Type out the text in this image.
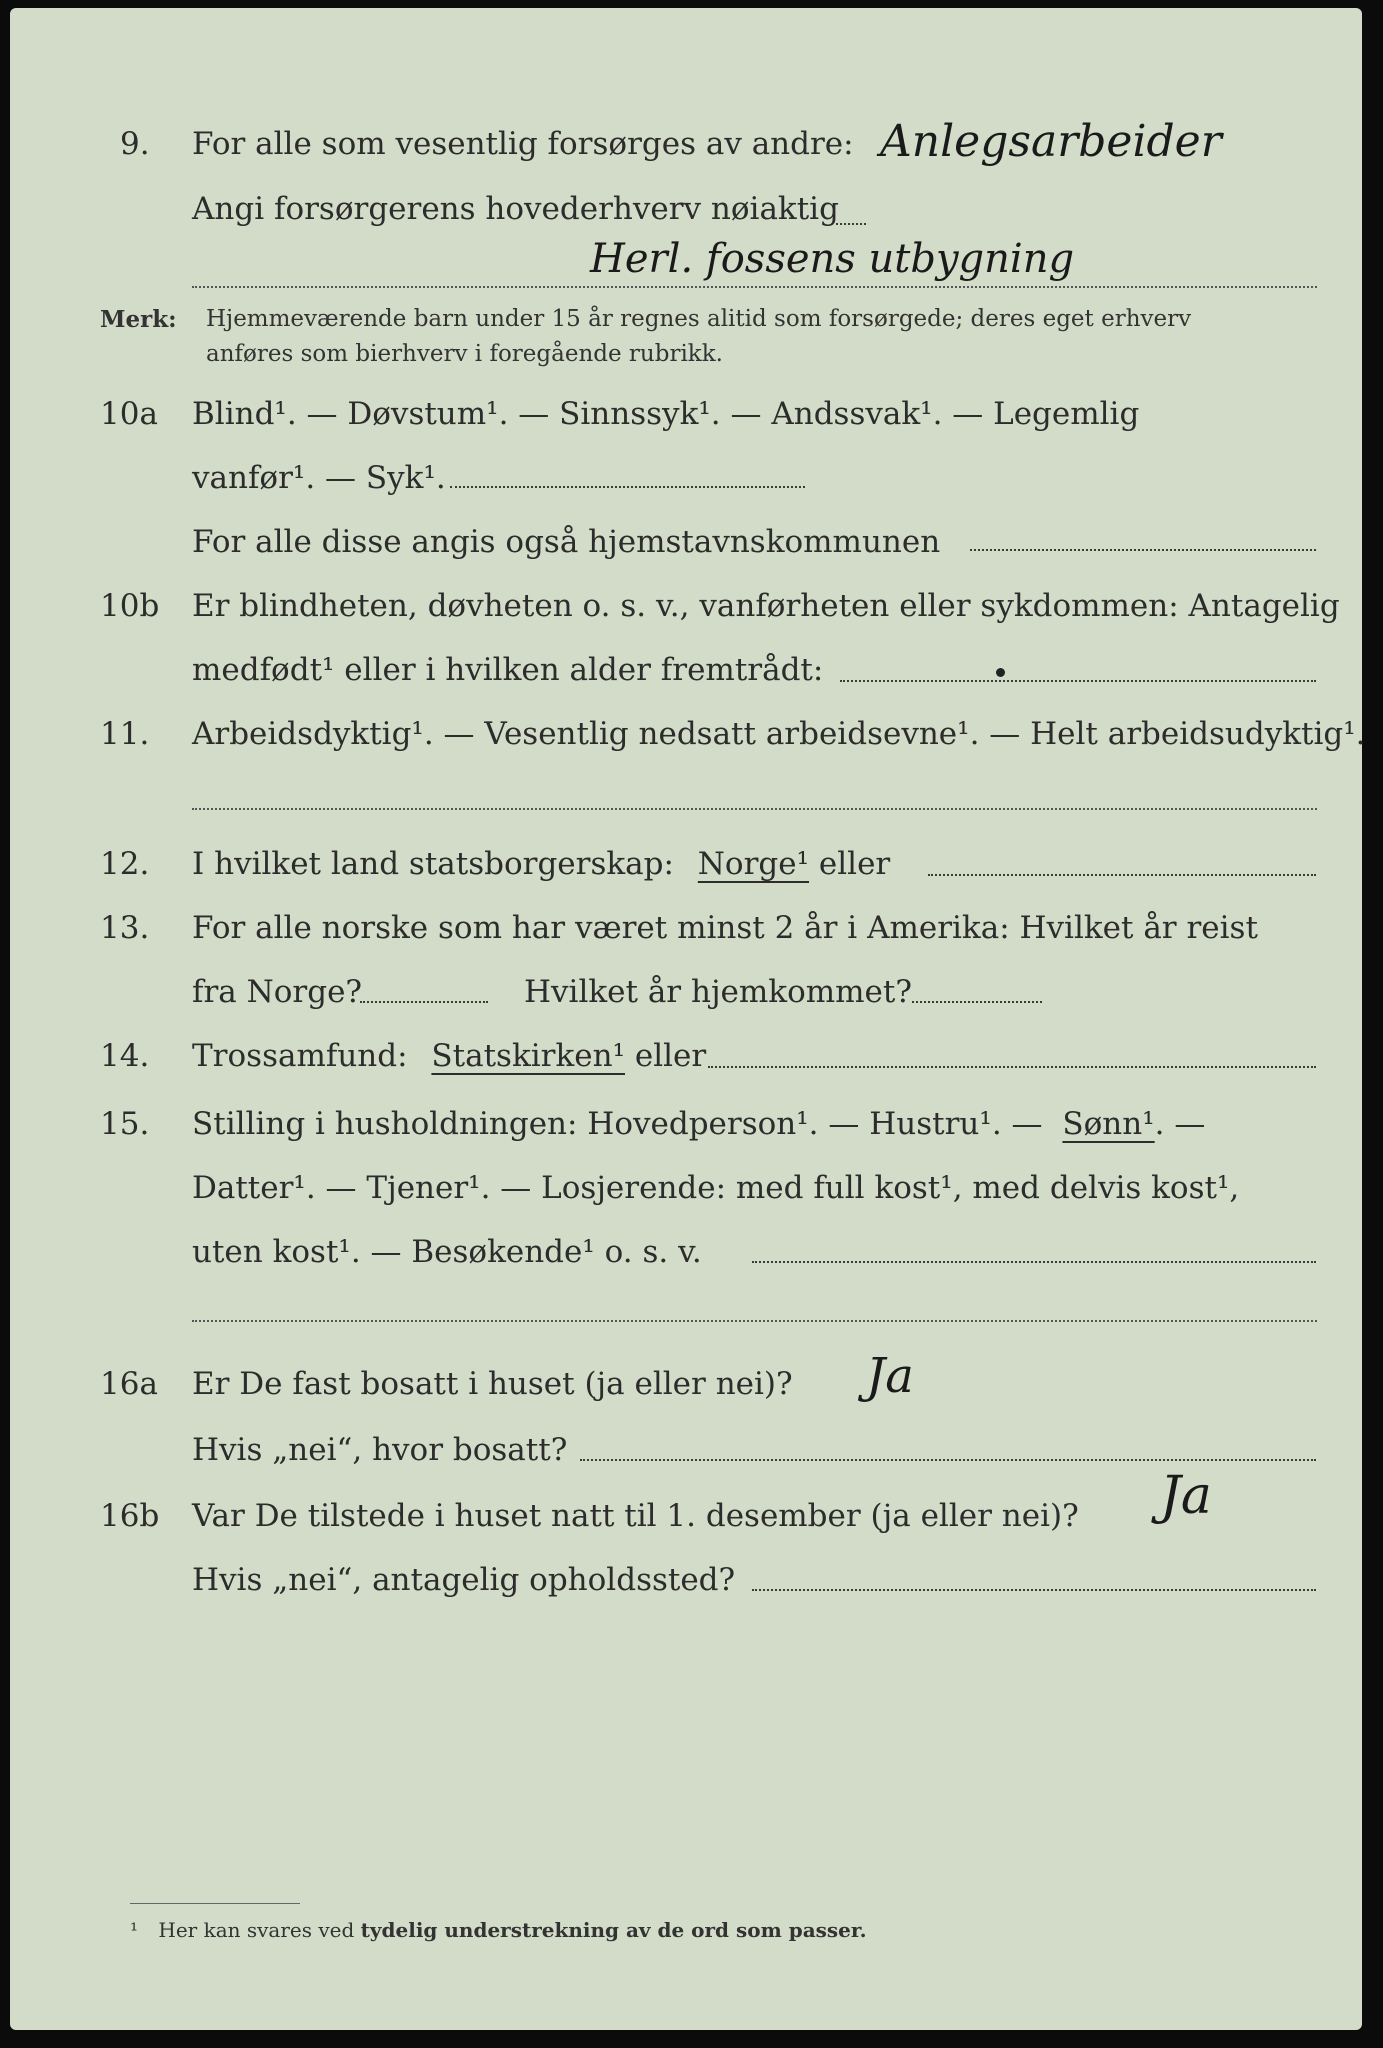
9. For alle som vesentlig forsørges av andre: Anlegsarbeider
Angi forsørgerens hovederhverv nøiaktig
Herl. fossens utbygning
Merk: Hjemmeværende barn under 15 år regnes alitid som forsørgede; deres eget erhverv
anføres som bierhverv i foregående rubrikk.
10a Blind¹. — Døvstum¹. — Sinnssyk¹. — Andssvak¹. — Legemlig
vanfør¹. — Syk¹.
For alle disse angis også hjemstavnskommunen
10b Er blindheten, døvheten o. s. v., vanførheten eller sykdommen: Antagelig
medfødt¹ eller i hvilken alder fremtrådt:
11. Arbeidsdyktig¹. — Vesentlig nedsatt arbeidsevne¹. — Helt arbeidsudyktig¹.
12. I hvilket land statsborgerskap: Norge¹ eller
13. For alle norske som har været minst 2 år i Amerika: Hvilket år reist
fra Norge?	Hvilket år hjemkommet?
14. Trossamfund: Statskirken¹ eller
15. Stilling i husholdningen: Hovedperson¹. — Hustru¹. — Sønn¹. —
Datter¹. — Tjener¹. — Losjerende: med full kost¹, med delvis kost¹,
uten kost¹. — Besøkende¹ o. s. v.
16a Er De fast bosatt i huset (ja eller nei)? Ja
Hvis „nei“, hvor bosatt?
16b Var De tilstede i huset natt til 1. desember (ja eller nei)? Ja
Hvis „nei“, antagelig opholdssted?
¹ Her kan svares ved tydelig understrekning av de ord som passer.
